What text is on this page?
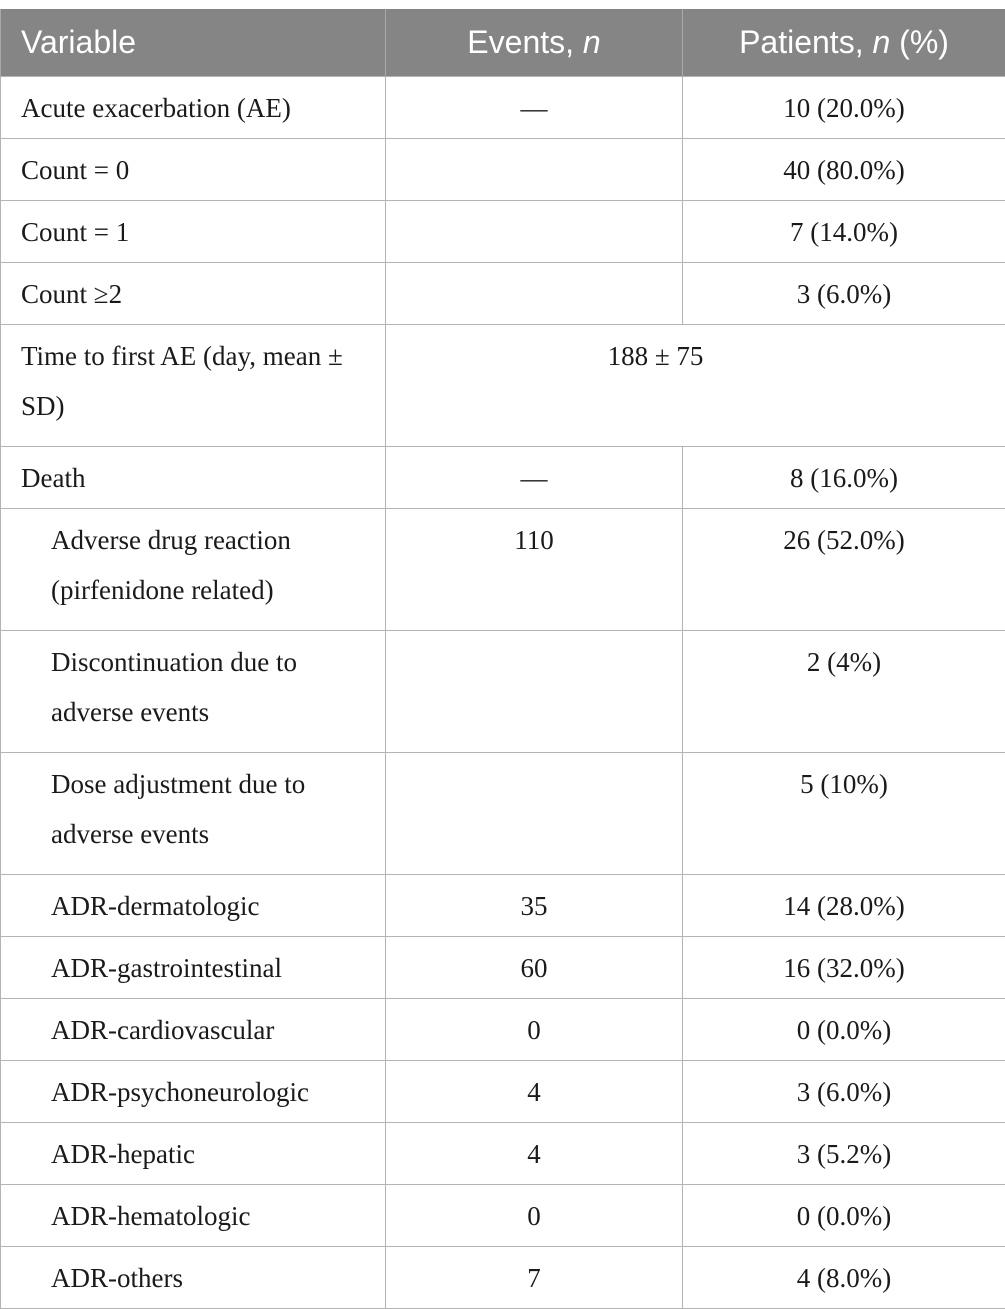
Variable	Events, n	Patients, n (%)
Acute exacerbation (AE)	—	10 (20.0%)
Count = 0		40 (80.0%)
Count = 1		7 (14.0%)
Count ≥2		3 (6.0%)
Time to first AE (day, mean ± SD)	188 ± 75	
Death	—	8 (16.0%)
Adverse drug reaction (pirfenidone related)	110	26 (52.0%)
Discontinuation due to adverse events		2 (4%)
Dose adjustment due to adverse events		5 (10%)
ADR-dermatologic	35	14 (28.0%)
ADR-gastrointestinal	60	16 (32.0%)
ADR-cardiovascular	0	0 (0.0%)
ADR-psychoneurologic	4	3 (6.0%)
ADR-hepatic	4	3 (5.2%)
ADR-hematologic	0	0 (0.0%)
ADR-others	7	4 (8.0%)
